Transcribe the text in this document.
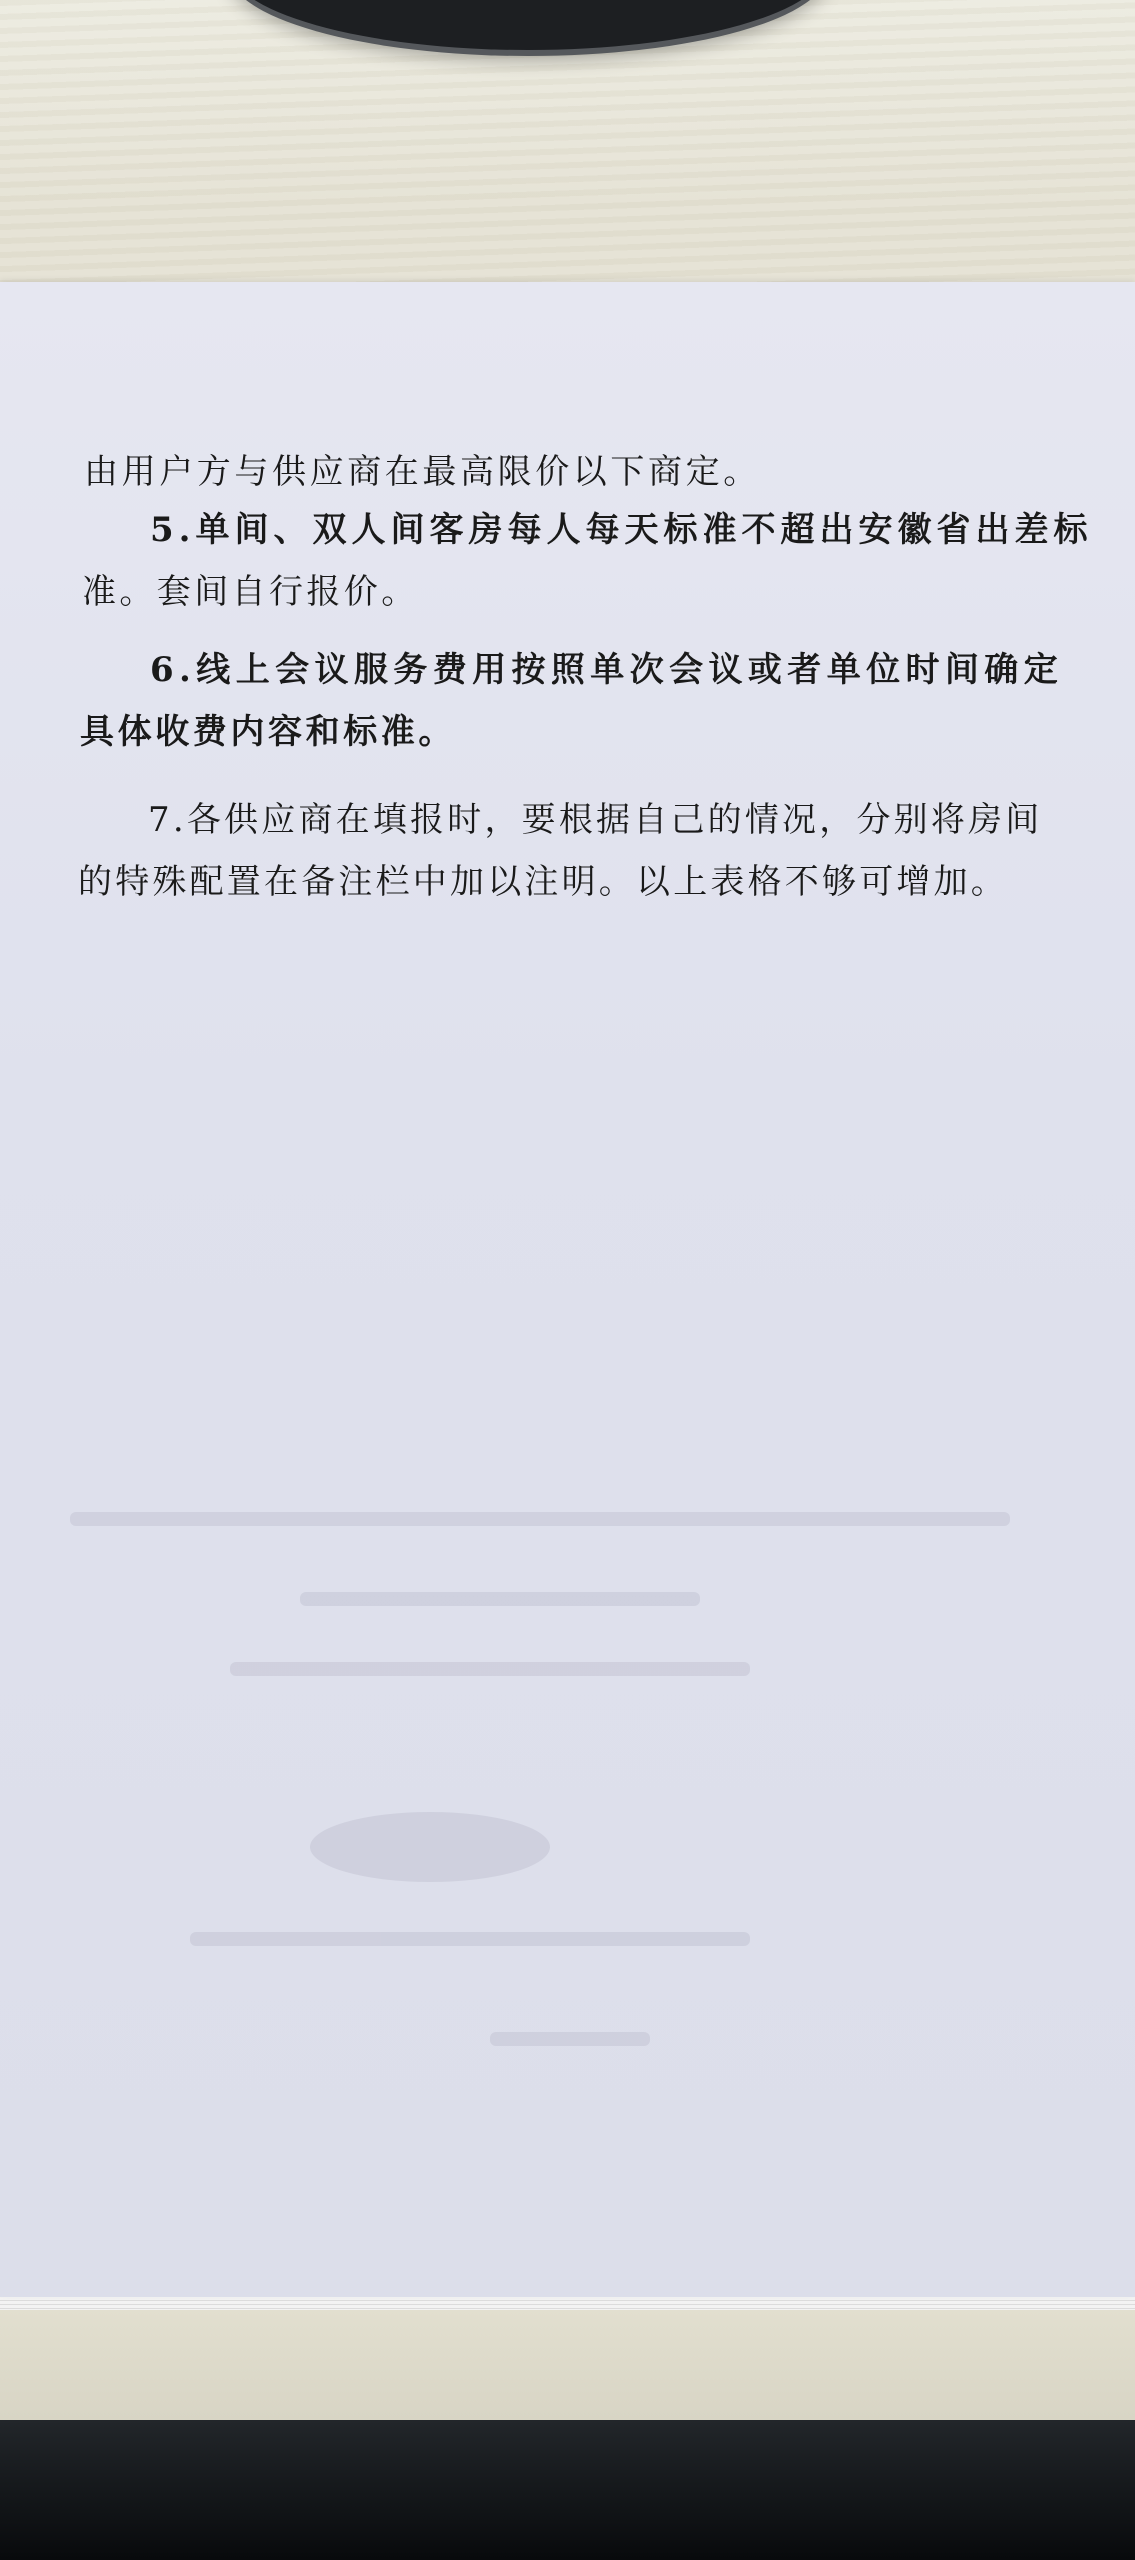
由用户方与供应商在最高限价以下商定。

5.单间、双人间客房每人每天标准不超出安徽省出差标

准。套间自行报价。

6.线上会议服务费用按照单次会议或者单位时间确定

具体收费内容和标准。

7.各供应商在填报时，要根据自己的情况，分别将房间

的特殊配置在备注栏中加以注明。以上表格不够可增加。
